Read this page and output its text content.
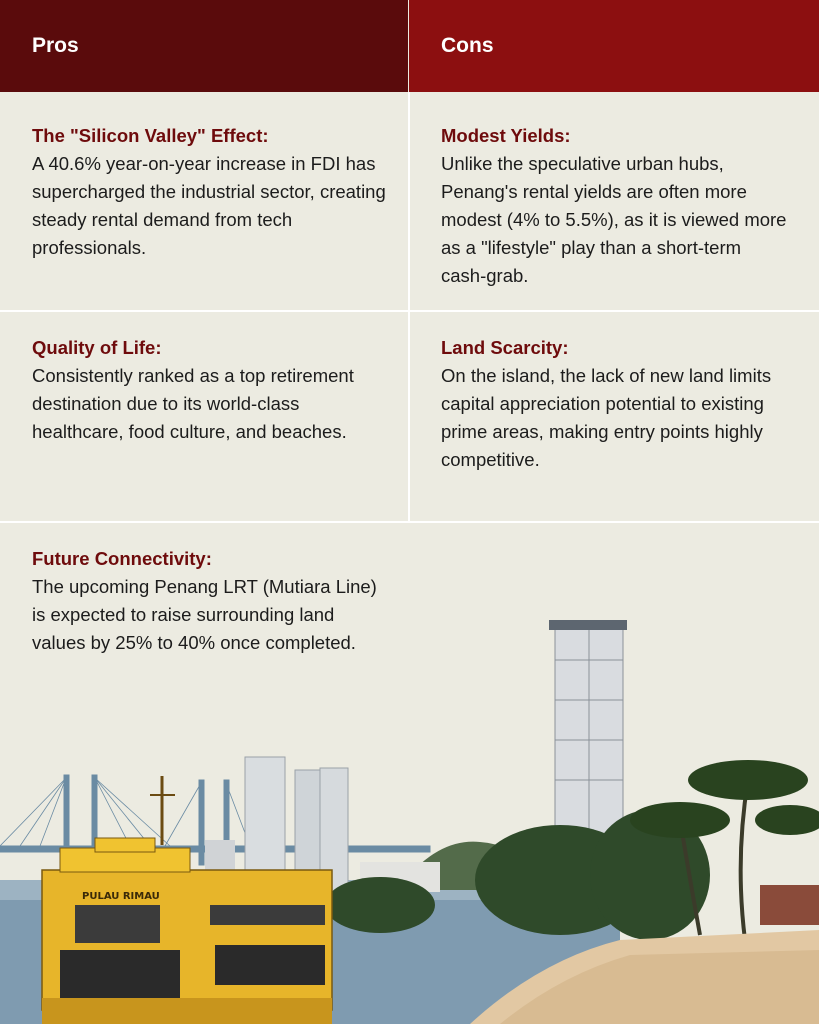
Pros	Cons
The "Silicon Valley" Effect:
A 40.6% year-on-year increase in FDI has supercharged the industrial sector, creating steady rental demand from tech professionals.
Modest Yields:
Unlike the speculative urban hubs, Penang's rental yields are often more modest (4% to 5.5%), as it is viewed more as a "lifestyle" play than a short-term cash-grab.
Quality of Life:
Consistently ranked as a top retirement destination due to its world-class healthcare, food culture, and beaches.
Land Scarcity:
On the island, the lack of new land limits capital appreciation potential to existing prime areas, making entry points highly competitive.
Future Connectivity:
The upcoming Penang LRT (Mutiara Line) is expected to raise surrounding land values by 25% to 40% once completed.
PULAU RIMAU
